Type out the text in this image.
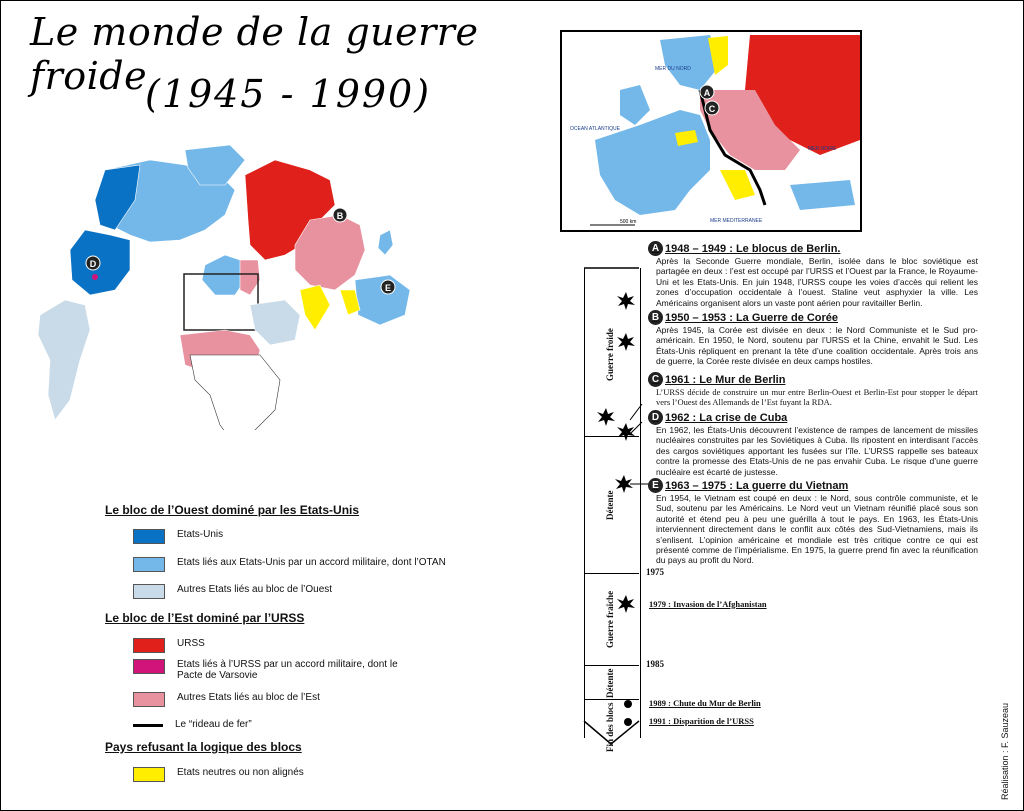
Le monde de la guerre froide
(1945 - 1990)
B
D
E
MER DU NORD
OCEAN ATLANTIQUE
MER NOIRE
MER MEDITERRANEE
500 km
A
C
Le bloc de l’Ouest dominé par les Etats-Unis
Etats-Unis
Etats liés aux Etats-Unis par un accord militaire, dont l’OTAN
Autres Etats liés au bloc de l’Ouest
Le bloc de l’Est dominé par l’URSS
URSS
Etats liés à l’URSS par un accord militaire, dont le Pacte de Varsovie
Autres Etats liés au bloc de l’Est
Le “rideau de fer”
Pays refusant la logique des blocs
Etats neutres ou non alignés
Guerre froide
Détente
1975
Guerre fraîche
1985
Détente
Fin des blocs
1979 : Invasion de l’Afghanistan
1989 : Chute du Mur de Berlin
1991 : Disparition de l’URSS
A 1948 – 1949 : Le blocus de Berlin.
Après la Seconde Guerre mondiale, Berlin, isolée dans le bloc soviétique est partagée en deux : l’est est occupé par l’URSS et l’Ouest par la France, le Royaume-Uni et les Etats-Unis. En juin 1948, l’URSS coupe les voies d’accès qui relient les zones d’occupation occidentale à l’ouest. Staline veut asphyxier la ville. Les Américains organisent alors un vaste pont aérien pour ravitailler Berlin.
B 1950 – 1953 : La Guerre de Corée
Après 1945, la Corée est divisée en deux : le Nord Communiste et le Sud pro-américain. En 1950, le Nord, soutenu par l’URSS et la Chine, envahit le Sud. Les États-Unis répliquent en prenant la tête d’une coalition occidentale. Après trois ans de guerre, la Corée reste divisée en deux camps hostiles.
C 1961 : Le Mur de Berlin
L’URSS décide de construire un mur entre Berlin-Ouest et Berlin-Est pour stopper le départ vers l’Ouest des Allemands de l’Est fuyant la RDA.
D 1962 : La crise de Cuba
En 1962, les États-Unis découvrent l’existence de rampes de lancement de missiles nucléaires construites par les Soviétiques à Cuba. Ils ripostent en interdisant l’accès des cargos soviétiques apportant les fusées sur l’île. L’URSS rappelle ses bateaux contre la promesse des Etats-Unis de ne pas envahir Cuba. Le risque d’une guerre nucléaire est écarté de justesse.
E 1963 – 1975 : La guerre du Vietnam
En 1954, le Vietnam est coupé en deux : le Nord, sous contrôle communiste, et le Sud, soutenu par les Américains. Le Nord veut un Vietnam réunifié placé sous son autorité et étend peu à peu une guérilla à tout le pays. En 1963, les États-Unis interviennent directement dans le conflit aux côtés des Sud-Vietnamiens, mais ils s’enlisent. L’opinion américaine et mondiale est très critique contre ce qui est présenté comme de l’impérialisme. En 1975, la guerre prend fin avec la réunification du pays au profit du Nord.
Réalisation : F. Sauzeau
